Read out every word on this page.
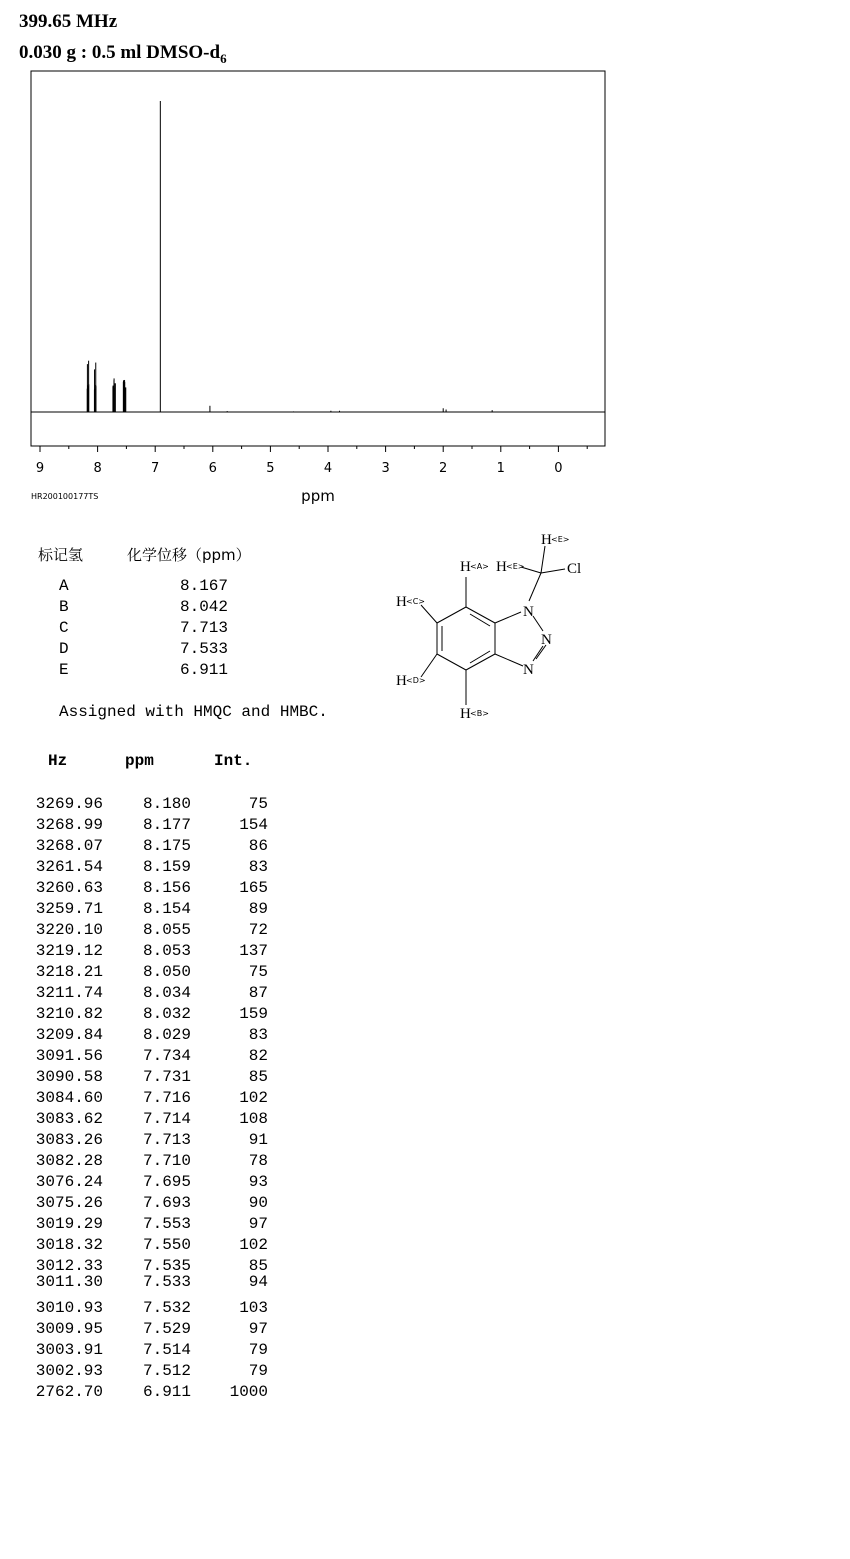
399.65 MHz
0.030 g : 0.5 ml DMSO-$d_6$
9	8	7	6	5	4	3	2	1	0
ppm
HR200100177TS
标记氢	化学位移（ppm）
A	8.167
B	8.042
C	7.713
D	7.533
E	6.911
Assigned with HMQC and HMBC.
N
N
N
Cl
H H
H
H
H
H
<A> <E>
<E>
<C>
<D>
<B>
Hz	ppm	Int.
3269.96	8.180	75
3268.99	8.177	154
3268.07	8.175	86
3261.54	8.159	83
3260.63	8.156	165
3259.71	8.154	89
3220.10	8.055	72
3219.12	8.053	137
3218.21	8.050	75
3211.74	8.034	87
3210.82	8.032	159
3209.84	8.029	83
3091.56	7.734	82
3090.58	7.731	85
3084.60	7.716	102
3083.62	7.714	108
3083.26	7.713	91
3082.28	7.710	78
3076.24	7.695	93
3075.26	7.693	90
3019.29	7.553	97
3018.32	7.550	102
3012.33	7.535	85
3011.30	7.533	94
3010.93	7.532	103
3009.95	7.529	97
3003.91	7.514	79
3002.93	7.512	79
2762.70	6.911	1000
